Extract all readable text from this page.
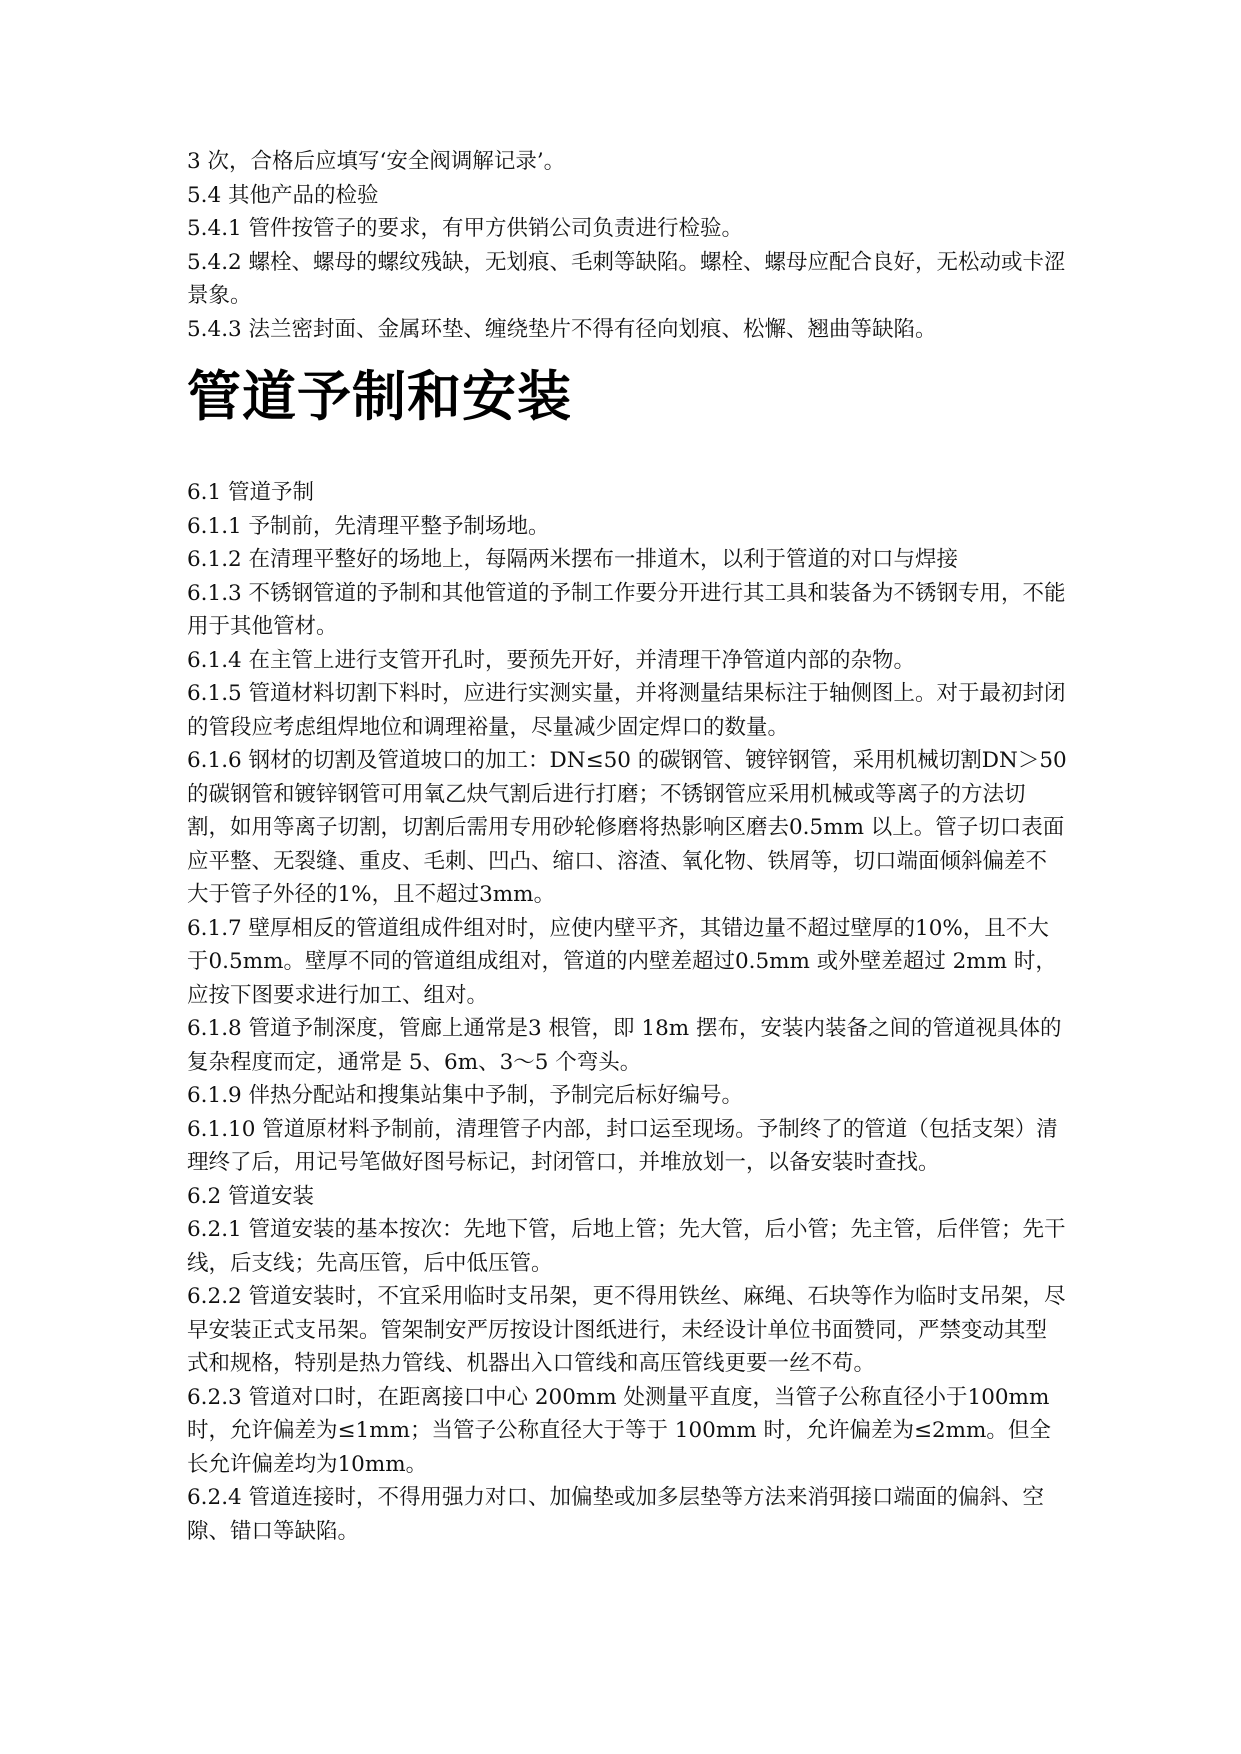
3 次，合格后应填写‘安全阀调解记录’。

5.4 其他产品的检验

5.4.1 管件按管子的要求，有甲方供销公司负责进行检验。

5.4.2 螺栓、螺母的螺纹残缺，无划痕、毛刺等缺陷。螺栓、螺母应配合良好，无松动或卡涩景象。

5.4.3 法兰密封面、金属环垫、缠绕垫片不得有径向划痕、松懈、翘曲等缺陷。

管道予制和安装

6.1 管道予制

6.1.1 予制前，先清理平整予制场地。

6.1.2 在清理平整好的场地上，每隔两米摆布一排道木，以利于管道的对口与焊接

6.1.3 不锈钢管道的予制和其他管道的予制工作要分开进行其工具和装备为不锈钢专用，不能用于其他管材。

6.1.4 在主管上进行支管开孔时，要预先开好，并清理干净管道内部的杂物。

6.1.5 管道材料切割下料时，应进行实测实量，并将测量结果标注于轴侧图上。对于最初封闭的管段应考虑组焊地位和调理裕量，尽量减少固定焊口的数量。

6.1.6 钢材的切割及管道坡口的加工：DN≤50 的碳钢管、镀锌钢管，采用机械切割DN＞50 的碳钢管和镀锌钢管可用氧乙炔气割后进行打磨；不锈钢管应采用机械或等离子的方法切割，如用等离子切割，切割后需用专用砂轮修磨将热影响区磨去0.5mm 以上。管子切口表面应平整、无裂缝、重皮、毛刺、凹凸、缩口、溶渣、氧化物、铁屑等，切口端面倾斜偏差不大于管子外径的1%，且不超过3mm。

6.1.7 壁厚相反的管道组成件组对时，应使内壁平齐，其错边量不超过壁厚的10%，且不大于0.5mm。壁厚不同的管道组成组对，管道的内壁差超过0.5mm 或外壁差超过 2mm 时，应按下图要求进行加工、组对。

6.1.8 管道予制深度，管廊上通常是3 根管，即 18m 摆布，安装内装备之间的管道视具体的复杂程度而定，通常是 5、6m、3～5 个弯头。

6.1.9 伴热分配站和搜集站集中予制，予制完后标好编号。

6.1.10 管道原材料予制前，清理管子内部，封口运至现场。予制终了的管道（包括支架）清理终了后，用记号笔做好图号标记，封闭管口，并堆放划一，以备安装时查找。

6.2 管道安装

6.2.1 管道安装的基本按次：先地下管，后地上管；先大管，后小管；先主管，后伴管；先干线，后支线；先高压管，后中低压管。

6.2.2 管道安装时，不宜采用临时支吊架，更不得用铁丝、麻绳、石块等作为临时支吊架，尽早安装正式支吊架。管架制安严厉按设计图纸进行，未经设计单位书面赞同，严禁变动其型式和规格，特别是热力管线、机器出入口管线和高压管线更要一丝不苟。

6.2.3 管道对口时，在距离接口中心 200mm 处测量平直度，当管子公称直径小于100mm 时，允许偏差为≤1mm；当管子公称直径大于等于 100mm 时，允许偏差为≤2mm。但全长允许偏差均为10mm。

6.2.4 管道连接时，不得用强力对口、加偏垫或加多层垫等方法来消弭接口端面的偏斜、空隙、错口等缺陷。
